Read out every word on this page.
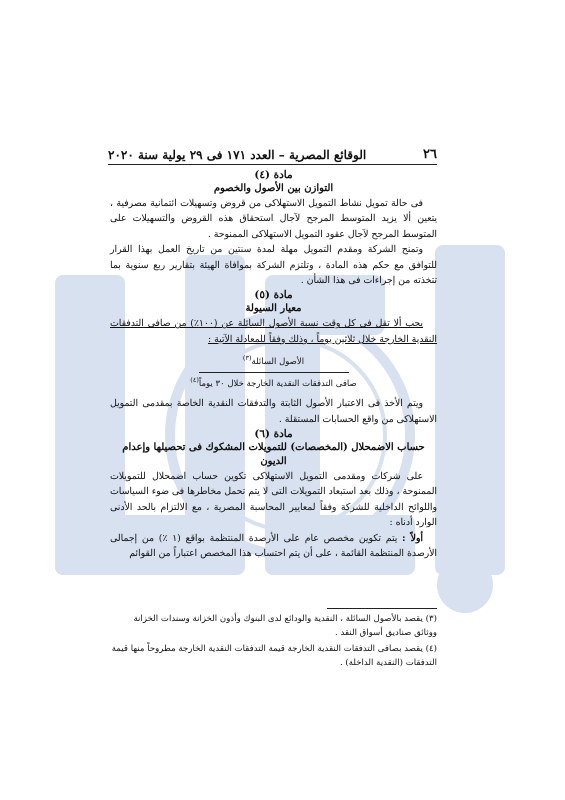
٢٦
الوقائع المصرية – العدد ١٧١ فى ٢٩ يولية سنة ٢٠٢٠
مادة (٤)
التوازن بين الأصول والخصوم

فى حالة تمويل نشاط التمويل الاستهلاكى من قروض وتسهيلات ائتمانية مصرفية ، يتعين ألا يزيد المتوسط المرجح لآجال استحقاق هذه القروض والتسهيلات على المتوسط المرجح لآجال عقود التمويل الاستهلاكى الممنوحة .

وتمنح الشركة ومقدم التمويل مهلة لمدة سنتين من تاريخ العمل بهذا القرار للتوافق مع حكم هذه المادة ، وتلتزم الشركة بموافاة الهيئة بتقارير ربع سنوية بما تتخذته من إجراءات فى هذا الشأن .

مادة (٥)
معيار السيولة

يجب ألا تقل فى كل وقت نسبة الأصول السائلة عن (١٠٠٪) من صافى التدفقات النقدية الخارجة خلال ثلاثين يوماً ، وذلك وفقاً للمعادلة الآتية :

الأصول السائلة$^{(٣)}$
صافى التدفقات النقدية الخارجة خلال ٣٠ يوماً$^{(٤)}$

ويتم الأخذ فى الاعتبار الأصول الثابتة والتدفقات النقدية الخاصة بمقدمى التمويل الاستهلاكى من واقع الحسابات المستقلة .

مادة (٦)
حساب الاضمحلال (المخصصات) للتمويلات المشكوك فى تحصيلها وإعدام الديون

على شركات ومقدمى التمويل الاستهلاكى تكوين حساب اضمحلال للتمويلات الممنوحة ، وذلك بعد استبعاد التمويلات التى لا يتم تحمل مخاطرها فى ضوء السياسات واللوائح الداخلية للشركة وفقاً لمعايير المحاسبة المصرية ، مع الالتزام بالحد الأدنى الوارد أدناه :

أولاً : يتم تكوين مخصص عام على الأرصدة المنتظمة بواقع (١ ٪) من إجمالى الأرصدة المنتظمة القائمة ، على أن يتم احتساب هذا المخصص اعتباراً من القوائم

(٣) يقصد بالأصول السائلة ، النقدية والودائع لدى البنوك وأذون الخزانة وسندات الخزانة ووثائق صناديق أسواق النقد .

(٤) يقصد بصافى التدفقات النقدية الخارجة قيمة التدفقات النقدية الخارجة مطروحاً منها قيمة التدفقات (النقدية الداخلة) .
